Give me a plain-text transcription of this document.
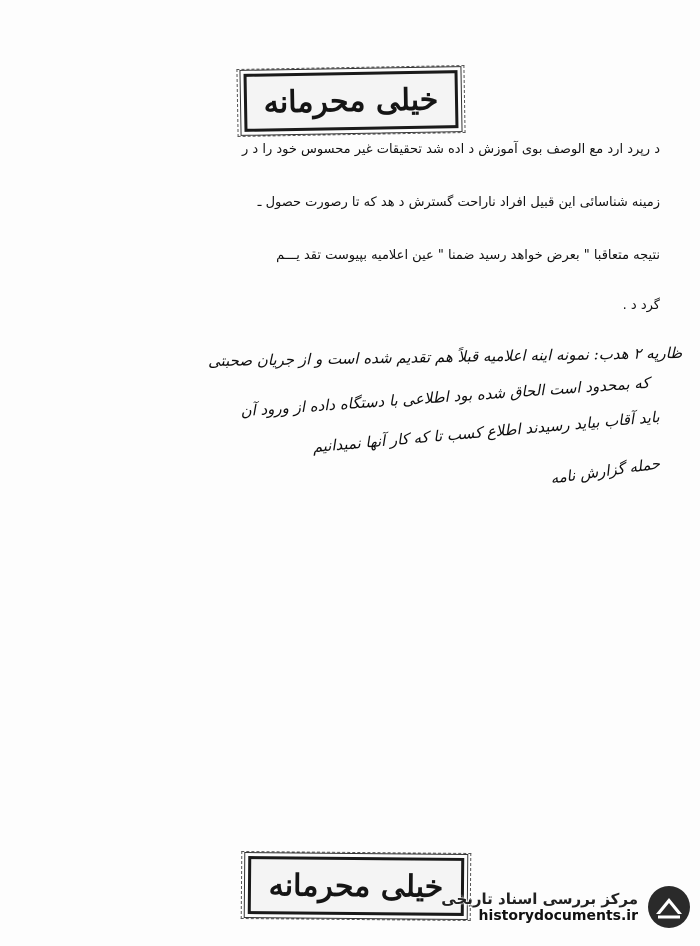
خیلی محرمانه
د رپرد ارد مع الوصف بوی آموزش د اده شد تحقیقات غیر محسوس خود را د ر
زمینه شناسائی این قبیل افراد ناراحت گسترش د هد که تا رصورت حصول ـ
نتیجه متعاقبا " بعرض خواهد رسید ضمنا " عین اعلامیه بپیوست تقد یـــم
گرد د .
ظارپه ۲ هدب: نمونه اینه اعلامیه قبلاً هم تقدیم شده است و از جریان صحبتی
که بمحدود است الحاق شده بود اطلاعی با دستگاه داده از ورود آن
باید آقاب بیاید رسیدند اطلاع کسب تا که کار آنها نمیدانیم
حمله گزارش نامه
خیلی محرمانه
مرکز بررسی اسناد تاریخی
historydocuments.ir
